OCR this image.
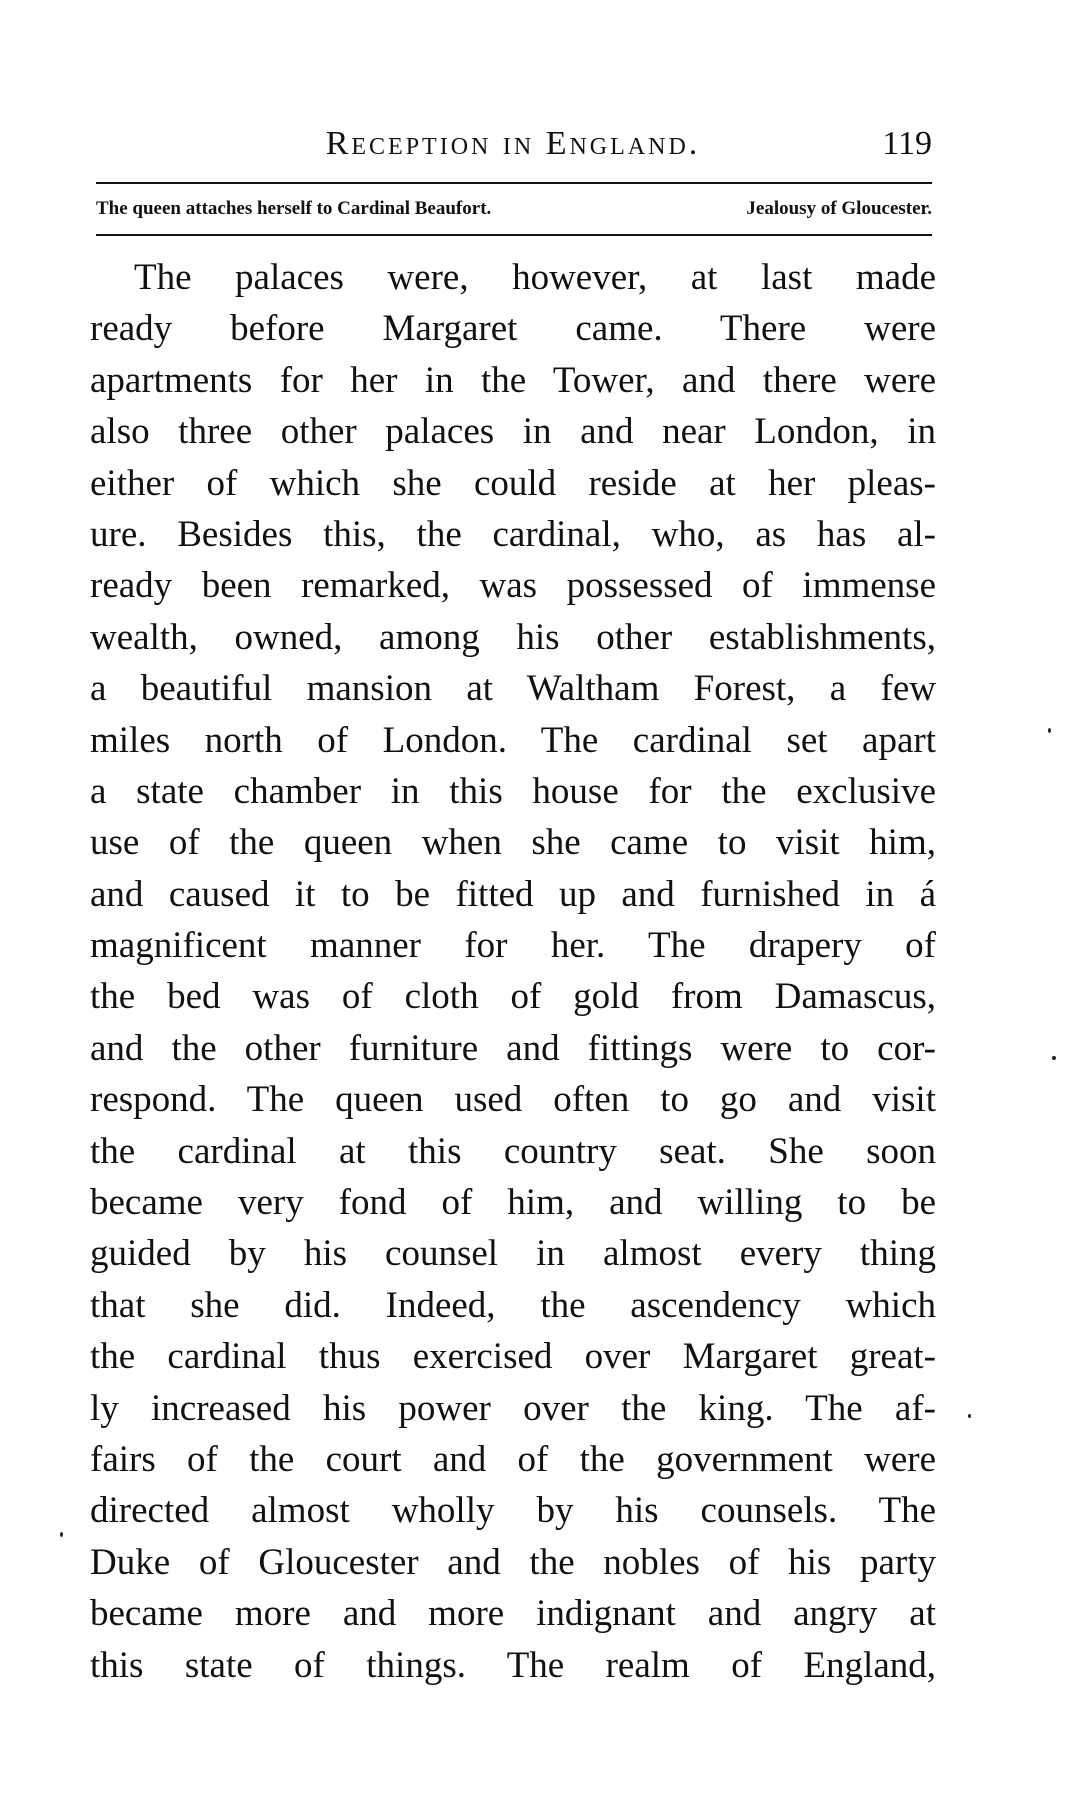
Reception in England.	119
The queen attaches herself to Cardinal Beaufort.	Jealousy of Gloucester.
The palaces were, however, at last made
ready before Margaret came. There were
apartments for her in the Tower, and there were
also three other palaces in and near London, in
either of which she could reside at her pleas-
ure. Besides this, the cardinal, who, as has al-
ready been remarked, was possessed of immense
wealth, owned, among his other establishments,
a beautiful mansion at Waltham Forest, a few
miles north of London. The cardinal set apart
a state chamber in this house for the exclusive
use of the queen when she came to visit him,
and caused it to be fitted up and furnished in á
magnificent manner for her. The drapery of
the bed was of cloth of gold from Damascus,
and the other furniture and fittings were to cor-
respond. The queen used often to go and visit
the cardinal at this country seat. She soon
became very fond of him, and willing to be
guided by his counsel in almost every thing
that she did. Indeed, the ascendency which
the cardinal thus exercised over Margaret great-
ly increased his power over the king. The af-
fairs of the court and of the government were
directed almost wholly by his counsels. The
Duke of Gloucester and the nobles of his party
became more and more indignant and angry at
this state of things. The realm of England,
